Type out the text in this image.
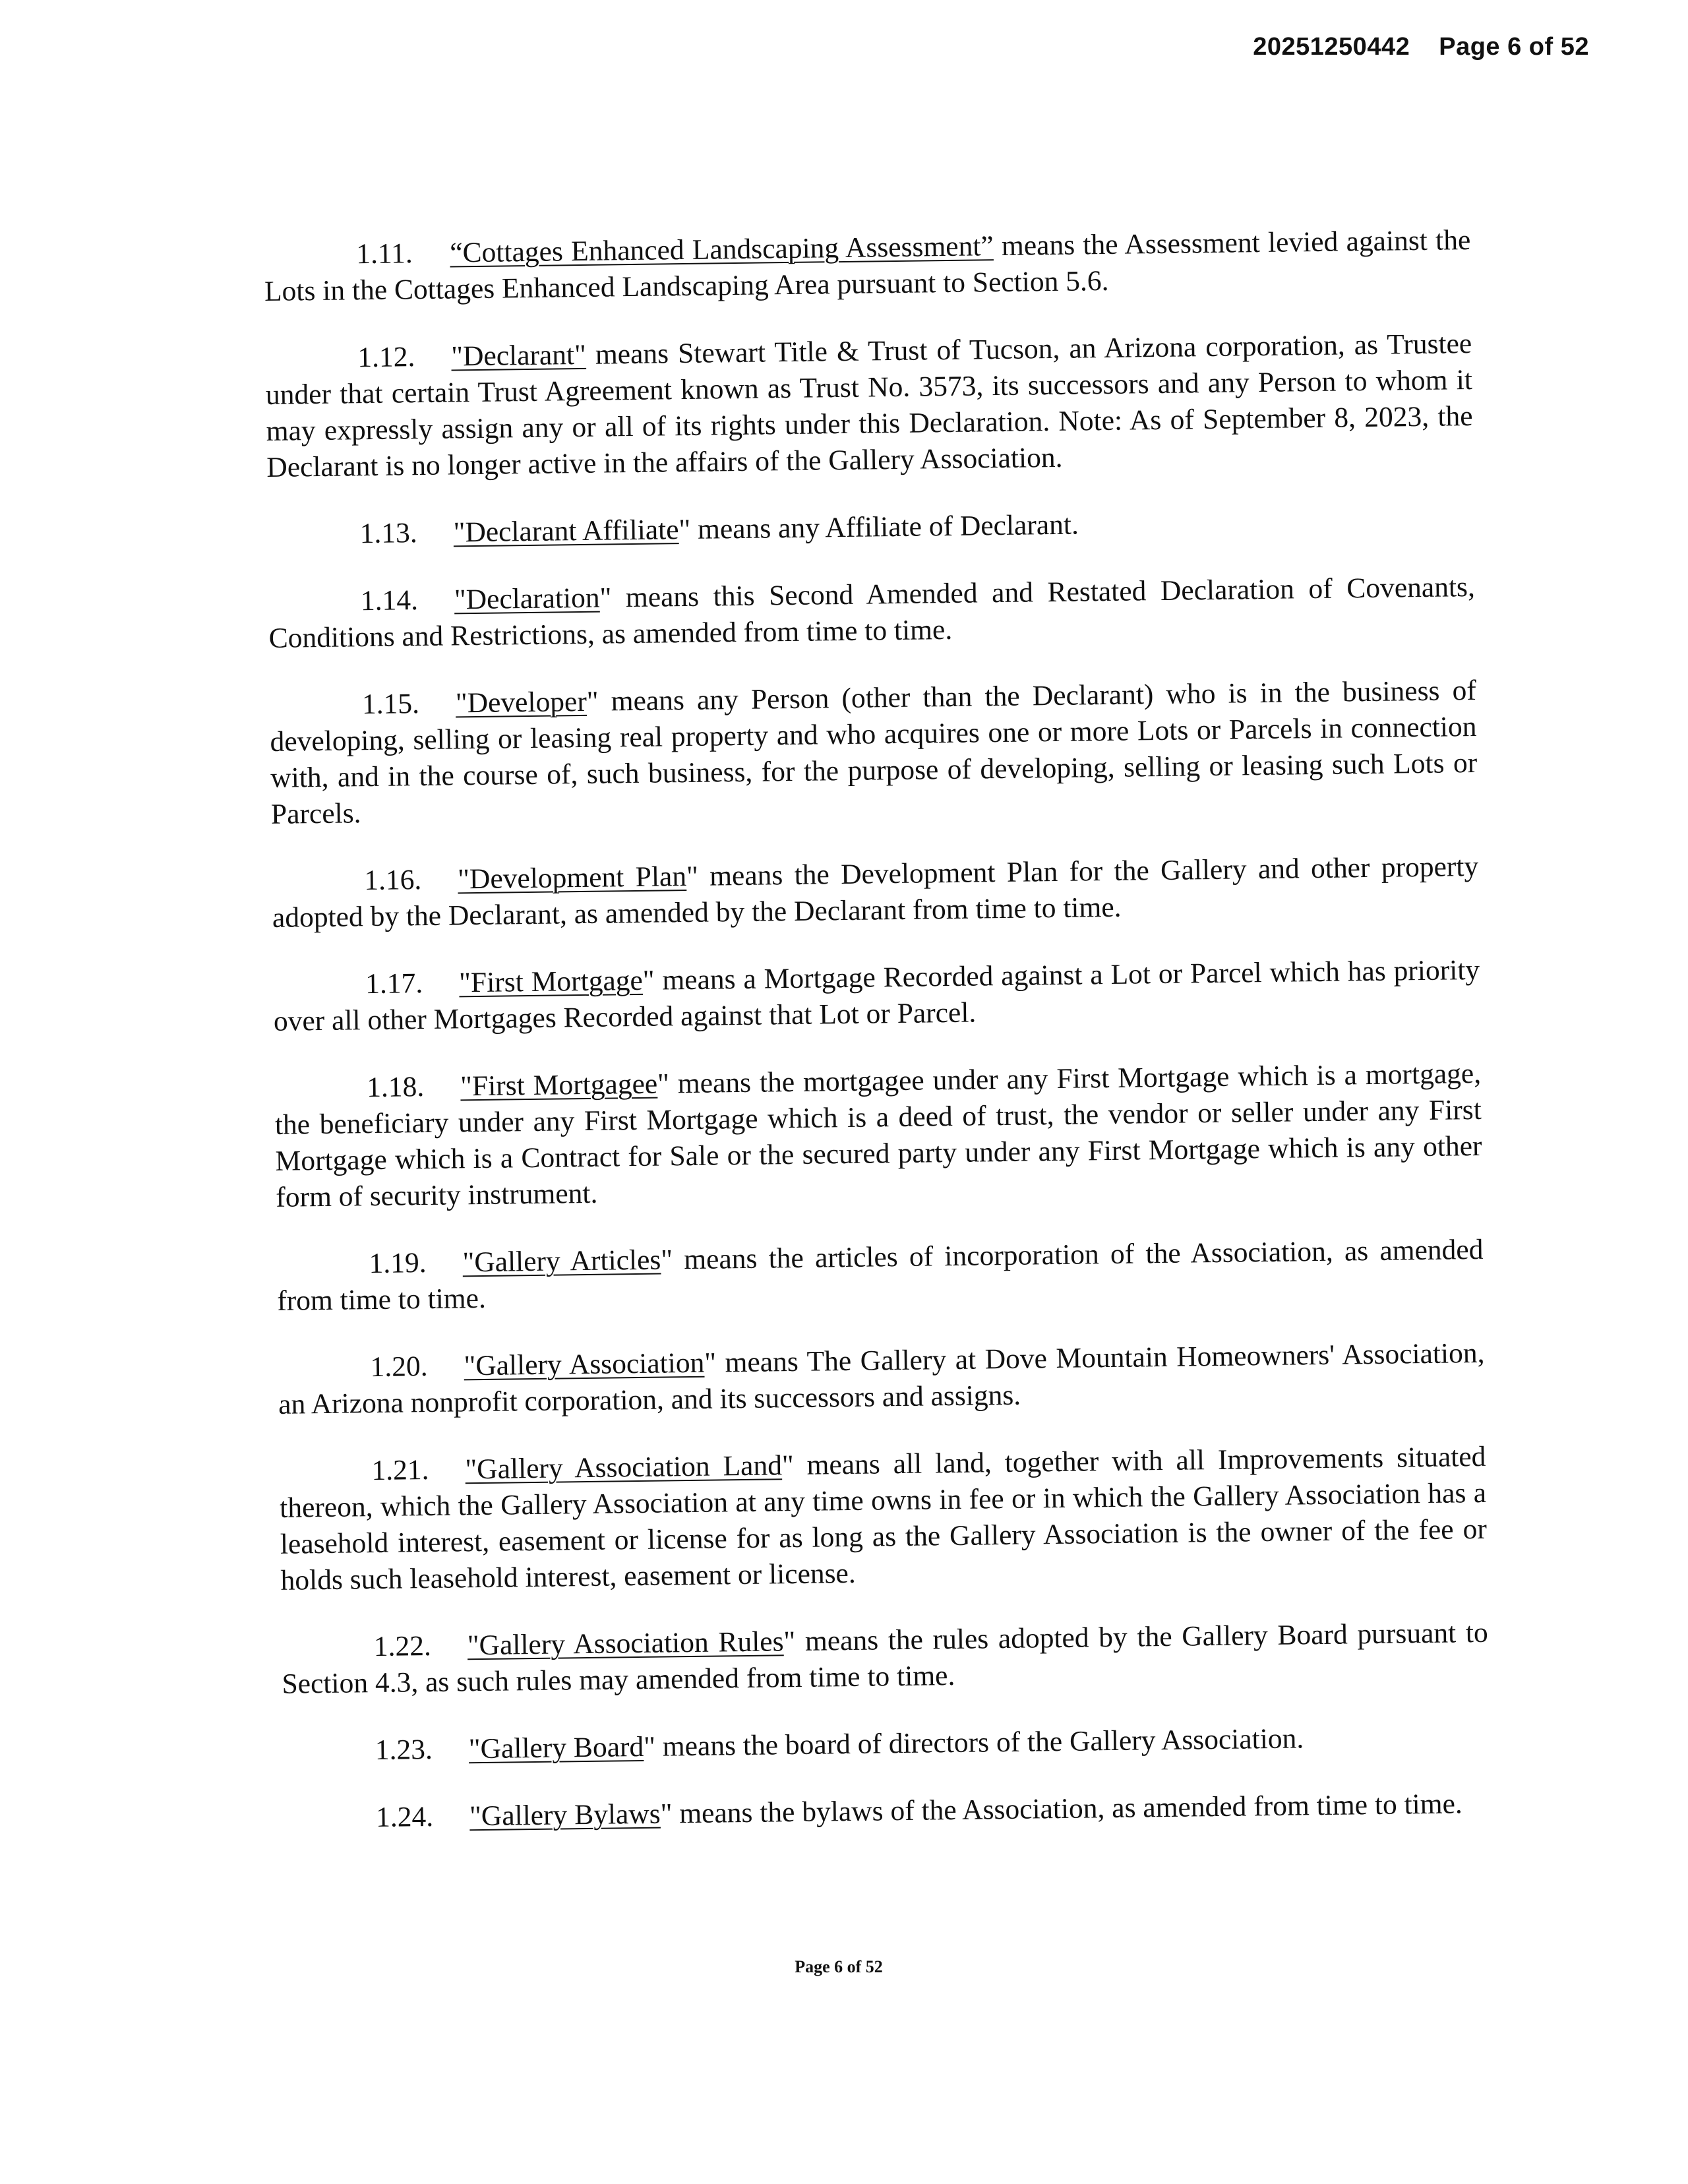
20251250442 Page 6 of 52

1.11. “Cottages Enhanced Landscaping Assessment” means the Assessment levied against the Lots in the Cottages Enhanced Landscaping Area pursuant to Section 5.6.

1.12. "Declarant" means Stewart Title & Trust of Tucson, an Arizona corporation, as Trustee under that certain Trust Agreement known as Trust No. 3573, its successors and any Person to whom it may expressly assign any or all of its rights under this Declaration. Note: As of September 8, 2023, the Declarant is no longer active in the affairs of the Gallery Association.

1.13. "Declarant Affiliate" means any Affiliate of Declarant.

1.14. "Declaration" means this Second Amended and Restated Declaration of Covenants, Conditions and Restrictions, as amended from time to time.

1.15. "Developer" means any Person (other than the Declarant) who is in the business of developing, selling or leasing real property and who acquires one or more Lots or Parcels in connection with, and in the course of, such business, for the purpose of developing, selling or leasing such Lots or Parcels.

1.16. "Development Plan" means the Development Plan for the Gallery and other property adopted by the Declarant, as amended by the Declarant from time to time.

1.17. "First Mortgage" means a Mortgage Recorded against a Lot or Parcel which has priority over all other Mortgages Recorded against that Lot or Parcel.

1.18. "First Mortgagee" means the mortgagee under any First Mortgage which is a mortgage, the beneficiary under any First Mortgage which is a deed of trust, the vendor or seller under any First Mortgage which is a Contract for Sale or the secured party under any First Mortgage which is any other form of security instrument.

1.19. "Gallery Articles" means the articles of incorporation of the Association, as amended from time to time.

1.20. "Gallery Association" means The Gallery at Dove Mountain Homeowners' Association, an Arizona nonprofit corporation, and its successors and assigns.

1.21. "Gallery Association Land" means all land, together with all Improvements situated thereon, which the Gallery Association at any time owns in fee or in which the Gallery Association has a leasehold interest, easement or license for as long as the Gallery Association is the owner of the fee or holds such leasehold interest, easement or license.

1.22. "Gallery Association Rules" means the rules adopted by the Gallery Board pursuant to Section 4.3, as such rules may amended from time to time.

1.23. "Gallery Board" means the board of directors of the Gallery Association.

1.24. "Gallery Bylaws" means the bylaws of the Association, as amended from time to time.

Page 6 of 52
